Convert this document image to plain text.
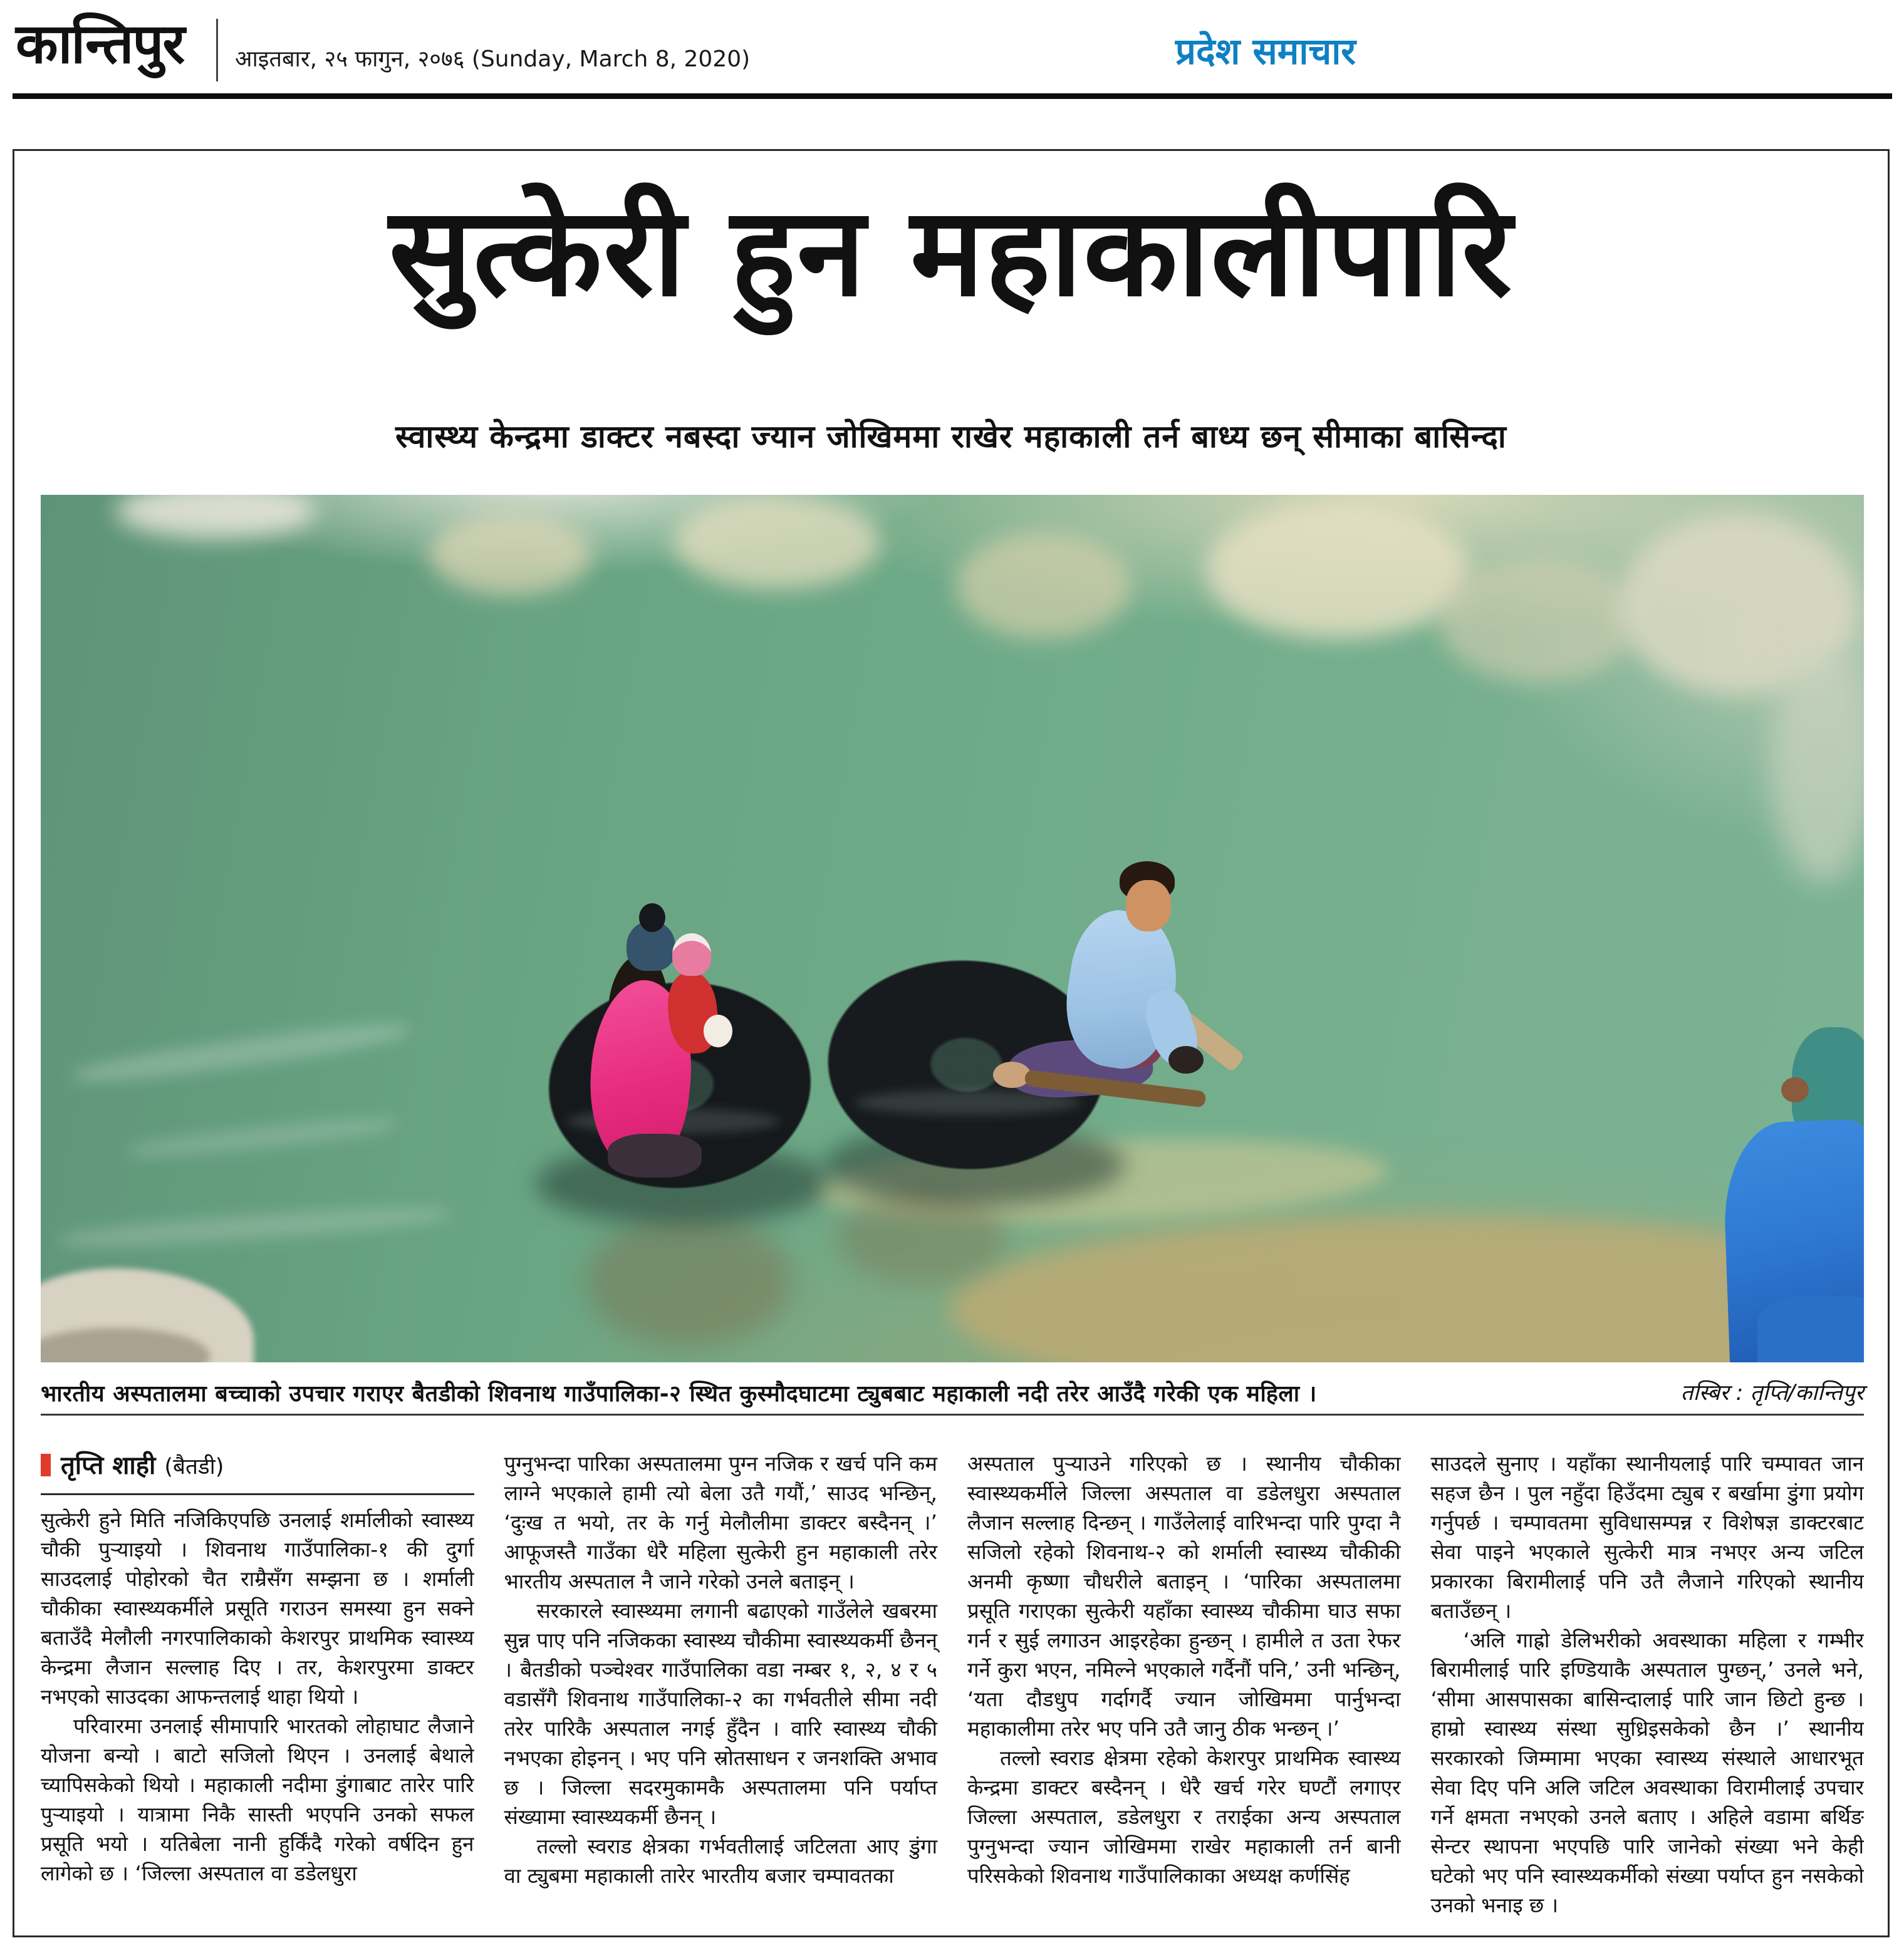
कान्तिपुर आइतबार, २५ फागुन, २०७६ (Sunday, March 8, 2020)	प्रदेश समाचार
सुत्केरी हुन महाकालीपारि
स्वास्थ्य केन्द्रमा डाक्टर नबस्दा ज्यान जोखिममा राखेर महाकाली तर्न बाध्य छन् सीमाका बासिन्दा
भारतीय अस्पतालमा बच्चाको उपचार गराएर बैतडीको शिवनाथ गाउँपालिका-२ स्थित कुस्मौदघाटमा ट्युबबाट महाकाली नदी तरेर आउँदै गरेकी एक महिला ।	तस्बिर : तृप्ति/कान्तिपुर
तृप्ति शाही (बैतडी)

सुत्केरी हुने मिति नजिकिएपछि उनलाई शर्मालीको स्वास्थ्य चौकी पुर्‍याइयो । शिवनाथ गाउँपालिका-१ की दुर्गा साउदलाई पोहोरको चैत राम्रैसँग सम्झना छ । शर्माली चौकीका स्वास्थ्यकर्मीले प्रसूति गराउन समस्या हुन सक्ने बताउँदै मेलौली नगरपालिकाको केशरपुर प्राथमिक स्वास्थ्य केन्द्रमा लैजान सल्लाह दिए । तर, केशरपुरमा डाक्टर नभएको साउदका आफन्तलाई थाहा थियो ।

परिवारमा उनलाई सीमापारि भारतको लोहाघाट लैजाने योजना बन्यो । बाटो सजिलो थिएन । उनलाई बेथाले च्यापिसकेको थियो । महाकाली नदीमा डुंगाबाट तारेर पारि पुर्‍याइयो । यात्रामा निकै सास्ती भएपनि उनको सफल प्रसूति भयो । यतिबेला नानी हुर्किंदै गरेको वर्षदिन हुन लागेको छ । ‘जिल्ला अस्पताल वा डडेलधुरा

पुग्नुभन्दा पारिका अस्पतालमा पुग्न नजिक र खर्च पनि कम लाग्ने भएकाले हामी त्यो बेला उतै गयौं,’ साउद भन्छिन्, ‘दुःख त भयो, तर के गर्नु मेलौलीमा डाक्टर बस्दैनन् ।’ आफूजस्तै गाउँका धेरै महिला सुत्केरी हुन महाकाली तरेर भारतीय अस्पताल नै जाने गरेको उनले बताइन् ।

सरकारले स्वास्थ्यमा लगानी बढाएको गाउँलेले खबरमा सुन्न पाए पनि नजिकका स्वास्थ्य चौकीमा स्वास्थ्यकर्मी छैनन् । बैतडीको पञ्चेश्वर गाउँपालिका वडा नम्बर १, २, ४ र ५ वडासँगै शिवनाथ गाउँपालिका-२ का गर्भवतीले सीमा नदी तरेर पारिकै अस्पताल नगई हुँदैन । वारि स्वास्थ्य चौकी नभएका होइनन् । भए पनि स्रोतसाधन र जनशक्ति अभाव छ । जिल्ला सदरमुकामकै अस्पतालमा पनि पर्याप्त संख्यामा स्वास्थ्यकर्मी छैनन् ।

तल्लो स्वराड क्षेत्रका गर्भवतीलाई जटिलता आए डुंगा वा ट्युबमा महाकाली तारेर भारतीय बजार चम्पावतका

अस्पताल पुर्‍याउने गरिएको छ । स्थानीय चौकीका स्वास्थ्यकर्मीले जिल्ला अस्पताल वा डडेलधुरा अस्पताल लैजान सल्लाह दिन्छन् । गाउँलेलाई वारिभन्दा पारि पुग्दा नै सजिलो रहेको शिवनाथ-२ को शर्माली स्वास्थ्य चौकीकी अनमी कृष्णा चौधरीले बताइन् । ‘पारिका अस्पतालमा प्रसूति गराएका सुत्केरी यहाँका स्वास्थ्य चौकीमा घाउ सफा गर्न र सुई लगाउन आइरहेका हुन्छन् । हामीले त उता रेफर गर्ने कुरा भएन, नमिल्ने भएकाले गर्दैनौं पनि,’ उनी भन्छिन्, ‘यता दौडधुप गर्दागर्दै ज्यान जोखिममा पार्नुभन्दा महाकालीमा तरेर भए पनि उतै जानु ठीक भन्छन् ।’

तल्लो स्वराड क्षेत्रमा रहेको केशरपुर प्राथमिक स्वास्थ्य केन्द्रमा डाक्टर बस्दैनन् । धेरै खर्च गरेर घण्टौं लगाएर जिल्ला अस्पताल, डडेलधुरा र तराईका अन्य अस्पताल पुग्नुभन्दा ज्यान जोखिममा राखेर महाकाली तर्न बानी परिसकेको शिवनाथ गाउँपालिकाका अध्यक्ष कर्णसिंह

साउदले सुनाए । यहाँका स्थानीयलाई पारि चम्पावत जान सहज छैन । पुल नहुँदा हिउँदमा ट्युब र बर्खामा डुंगा प्रयोग गर्नुपर्छ । चम्पावतमा सुविधासम्पन्न र विशेषज्ञ डाक्टरबाट सेवा पाइने भएकाले सुत्केरी मात्र नभएर अन्य जटिल प्रकारका बिरामीलाई पनि उतै लैजाने गरिएको स्थानीय बताउँछन् ।

‘अलि गाह्रो डेलिभरीको अवस्थाका महिला र गम्भीर बिरामीलाई पारि इण्डियाकै अस्पताल पुग्छन्,’ उनले भने, ‘सीमा आसपासका बासिन्दालाई पारि जान छिटो हुन्छ । हाम्रो स्वास्थ्य संस्था सुध्रिइसकेको छैन ।’ स्थानीय सरकारको जिम्मामा भएका स्वास्थ्य संस्थाले आधारभूत सेवा दिए पनि अलि जटिल अवस्थाका विरामीलाई उपचार गर्ने क्षमता नभएको उनले बताए । अहिले वडामा बर्थिङ सेन्टर स्थापना भएपछि पारि जानेको संख्या भने केही घटेको भए पनि स्वास्थ्यकर्मीको संख्या पर्याप्त हुन नसकेको उनको भनाइ छ ।
